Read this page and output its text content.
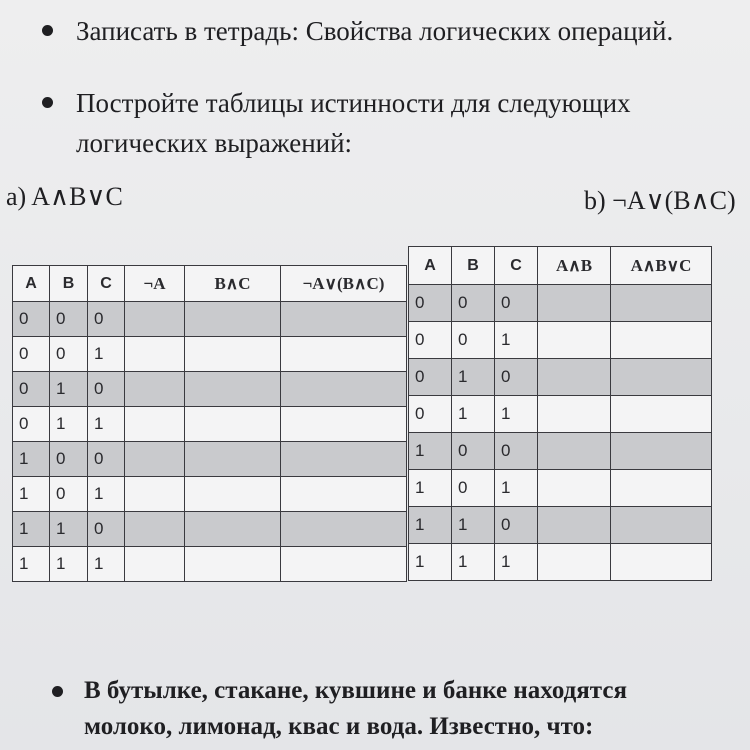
Записать в тетрадь: Свойства логических операций.
Постройте таблицы истинности для следующих
логических выражений:
a) A∧B∨C	b) ¬A∨(B∧C)
A	B	C	¬A	B∧C	¬A∨(B∧C)
0	0	0			
0	0	1			
0	1	0			
0	1	1			
1	0	0			
1	0	1			
1	1	0			
1	1	1			
A	B	C	A∧B	A∧B∨C
0	0	0		
0	0	1		
0	1	0		
0	1	1		
1	0	0		
1	0	1		
1	1	0		
1	1	1		
В бутылке, стакане, кувшине и банке находятся
молоко, лимонад, квас и вода. Известно, что:
